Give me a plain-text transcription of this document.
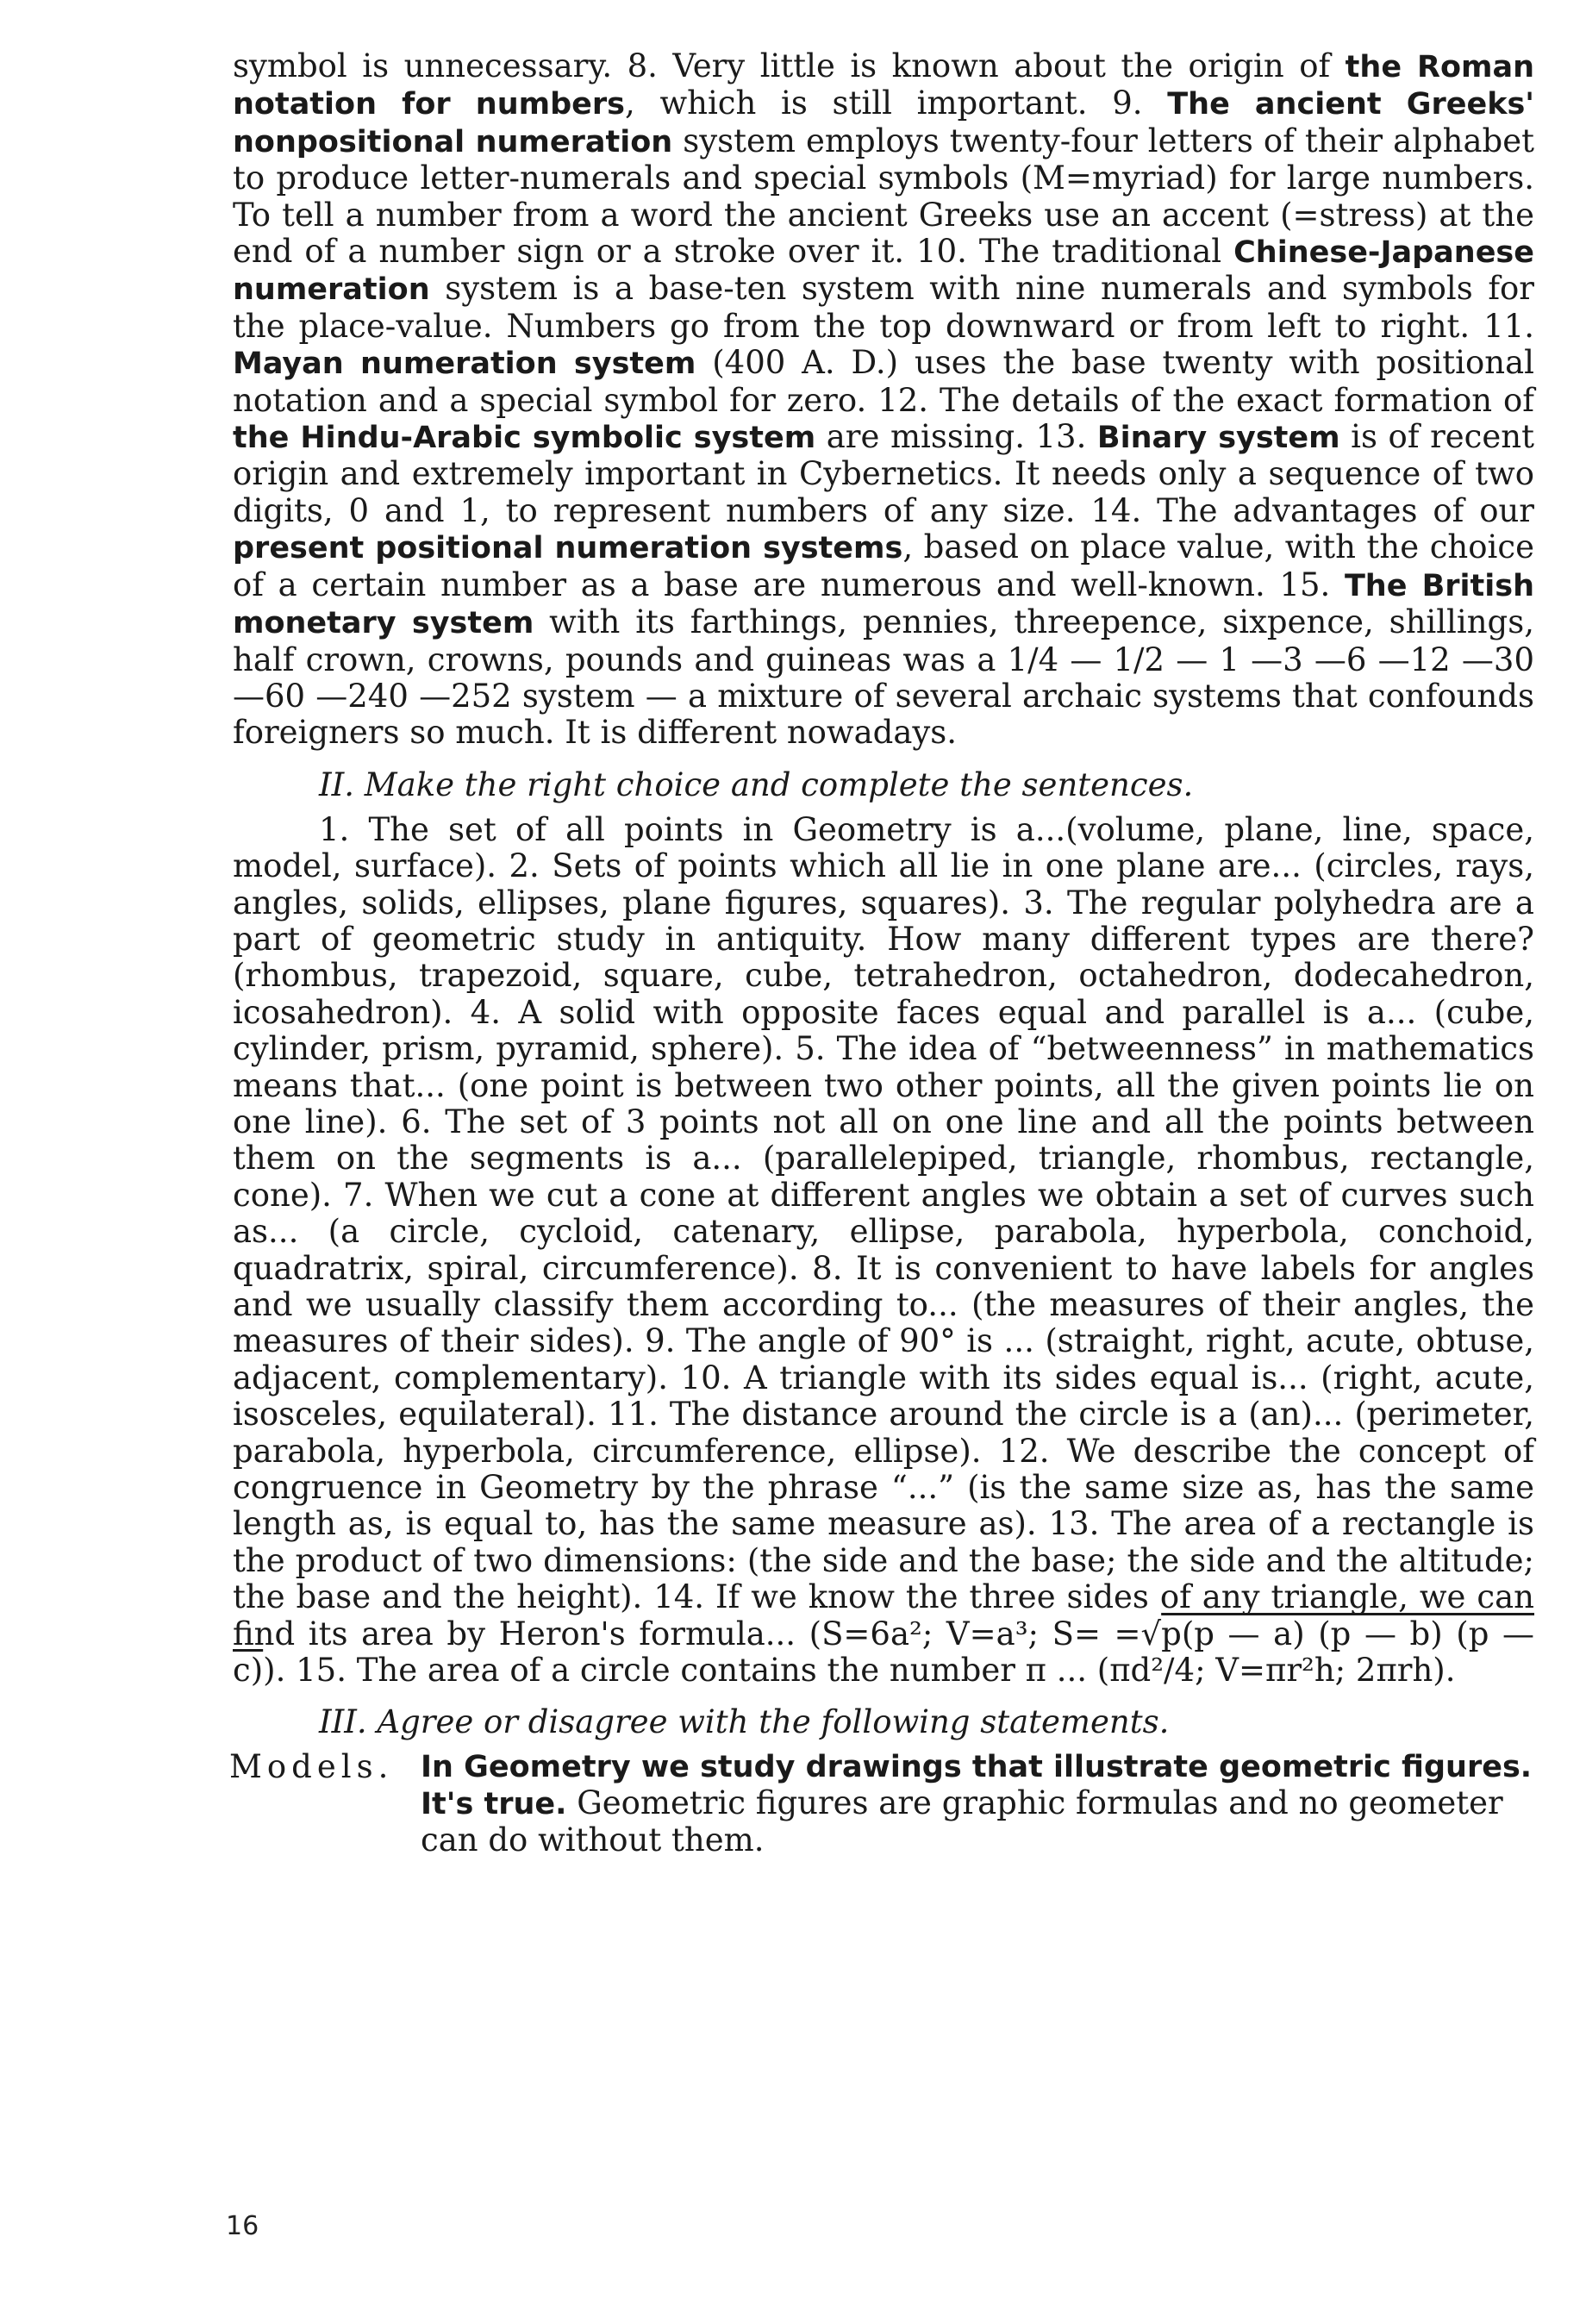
symbol is unnecessary. 8. Very little is known about the origin of the Roman notation for numbers, which is still important. 9. The ancient Greeks' nonpositional numeration system employs twenty-four letters of their alphabet to produce letter-numerals and special symbols (M=myriad) for large numbers. To tell a number from a word the ancient Greeks use an accent (=stress) at the end of a number sign or a stroke over it. 10. The traditional Chinese-Japanese numeration system is a base-ten system with nine numerals and symbols for the place-value. Numbers go from the top downward or from left to right. 11. Mayan numeration system (400 A. D.) uses the base twenty with positional notation and a special symbol for zero. 12. The details of the exact formation of the Hindu-Arabic symbolic system are missing. 13. Binary system is of recent origin and extremely important in Cybernetics. It needs only a sequence of two digits, 0 and 1, to represent numbers of any size. 14. The advantages of our present positional numeration systems, based on place value, with the choice of a certain number as a base are numerous and well-known. 15. The British monetary system with its farthings, pennies, threepence, sixpence, shillings, half crown, crowns, pounds and guineas was a 1/4 — 1/2 — 1 —3 —6 —12 —30 —60 —240 —252 system — a mixture of several archaic systems that confounds foreigners so much. It is different nowadays.

II. Make the right choice and complete the sentences.

1. The set of all points in Geometry is a...(volume, plane, line, space, model, surface). 2. Sets of points which all lie in one plane are... (circles, rays, angles, solids, ellipses, plane figures, squares). 3. The regular polyhedra are a part of geometric study in antiquity. How many different types are there? (rhombus, trapezoid, square, cube, tetrahedron, octahedron, dodecahedron, icosahedron). 4. A solid with opposite faces equal and parallel is a... (cube, cylinder, prism, pyramid, sphere). 5. The idea of “betweenness” in mathematics means that... (one point is between two other points, all the given points lie on one line). 6. The set of 3 points not all on one line and all the points between them on the segments is a... (parallelepiped, triangle, rhombus, rectangle, cone). 7. When we cut a cone at different angles we obtain a set of curves such as... (a circle, cycloid, catenary, ellipse, parabola, hyperbola, conchoid, quadratrix, spiral, circumference). 8. It is convenient to have labels for angles and we usually classify them according to... (the measures of their angles, the measures of their sides). 9. The angle of 90° is ... (straight, right, acute, obtuse, adjacent, complementary). 10. A triangle with its sides equal is... (right, acute, isosceles, equilateral). 11. The distance around the circle is a (an)... (perimeter, parabola, hyperbola, circumference, ellipse). 12. We describe the concept of congruence in Geometry by the phrase “...” (is the same size as, has the same length as, is equal to, has the same measure as). 13. The area of a rectangle is the product of two dimensions: (the side and the base; the side and the altitude; the base and the height). 14. If we know the three sides of any triangle, we can find its area by Heron's formula... (S=6a²; V=a³; S= =√p(p — a) (p — b) (p — c)). 15. The area of a circle contains the number π ... (πd²/4; V=πr²h; 2πrh).

III. Agree or disagree with the following statements.

Models. In Geometry we study drawings that illustrate geometric figures.

It's true. Geometric figures are graphic formulas and no geometer can do without them.

16
